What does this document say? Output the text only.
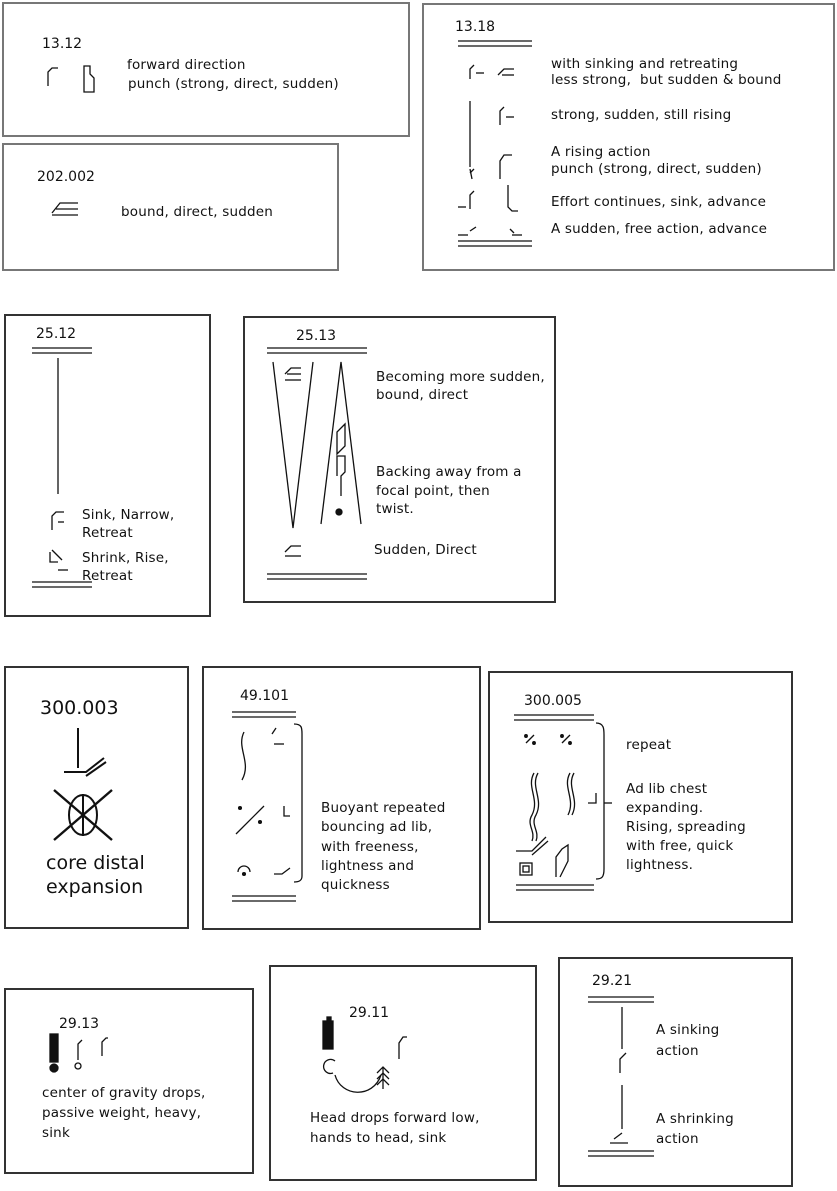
13.12
forward direction
punch (strong, direct, sudden)
202.002
bound, direct, sudden
13.18
with sinking and retreating
less strong,  but sudden & bound
strong, sudden, still rising
A rising action
punch (strong, direct, sudden)
Effort continues, sink, advance
A sudden, free action, advance
25.12
Sink, Narrow,
Retreat
Shrink, Rise,
Retreat
25.13
Becoming more sudden,
bound, direct
Backing away from a
focal point, then
twist.
Sudden, Direct
300.003
core distal
expansion
49.101
Buoyant repeated
bouncing ad lib,
with freeness,
lightness and
quickness
300.005
repeat
Ad lib chest
expanding.
Rising, spreading
with free, quick
lightness.
29.13
center of gravity drops,
passive weight, heavy,
sink
29.11
Head drops forward low,
hands to head, sink
29.21
A sinking
action
A shrinking
action
